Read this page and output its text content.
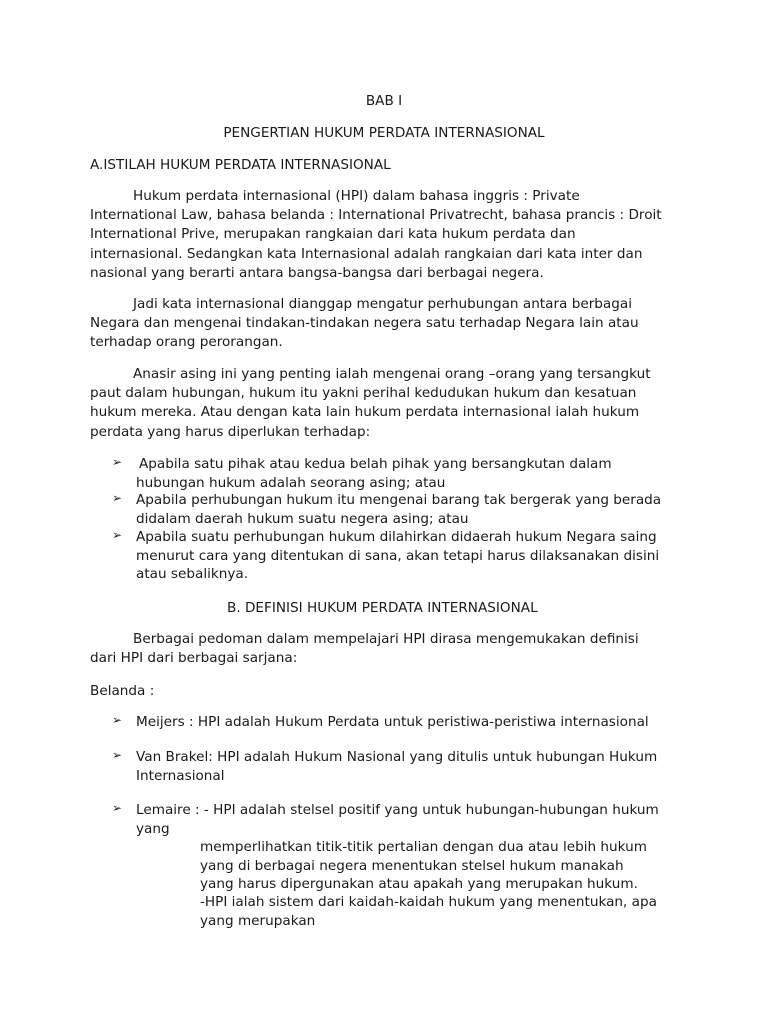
BAB I
PENGERTIAN HUKUM PERDATA INTERNASIONAL
A.ISTILAH HUKUM PERDATA INTERNASIONAL
Hukum perdata internasional (HPI) dalam bahasa inggris : Private
International Law, bahasa belanda : International Privatrecht, bahasa prancis : Droit
International Prive, merupakan rangkaian dari kata hukum perdata dan
internasional. Sedangkan kata Internasional adalah rangkaian dari kata inter dan
nasional yang berarti antara bangsa-bangsa dari berbagai negera.
Jadi kata internasional dianggap mengatur perhubungan antara berbagai
Negara dan mengenai tindakan-tindakan negera satu terhadap Negara lain atau
terhadap orang perorangan.
Anasir asing ini yang penting ialah mengenai orang –orang yang tersangkut
paut dalam hubungan, hukum itu yakni perihal kedudukan hukum dan kesatuan
hukum mereka. Atau dengan kata lain hukum perdata internasional ialah hukum
perdata yang harus diperlukan terhadap:
➢	Apabila satu pihak atau kedua belah pihak yang bersangkutan dalam
hubungan hukum adalah seorang asing; atau
➢	Apabila perhubungan hukum itu mengenai barang tak bergerak yang berada
didalam daerah hukum suatu negera asing; atau
➢	Apabila suatu perhubungan hukum dilahirkan didaerah hukum Negara saing
menurut cara yang ditentukan di sana, akan tetapi harus dilaksanakan disini
atau sebaliknya.
B. DEFINISI HUKUM PERDATA INTERNASIONAL
Berbagai pedoman dalam mempelajari HPI dirasa mengemukakan definisi
dari HPI dari berbagai sarjana:
Belanda :
➢	Meijers : HPI adalah Hukum Perdata untuk peristiwa-peristiwa internasional
➢	Van Brakel: HPI adalah Hukum Nasional yang ditulis untuk hubungan Hukum
Internasional
➢	Lemaire : - HPI adalah stelsel positif yang untuk hubungan-hubungan hukum
yang
memperlihatkan titik-titik pertalian dengan dua atau lebih hukum
yang di berbagai negera menentukan stelsel hukum manakah
yang harus dipergunakan atau apakah yang merupakan hukum.
-HPI ialah sistem dari kaidah-kaidah hukum yang menentukan, apa
yang merupakan
